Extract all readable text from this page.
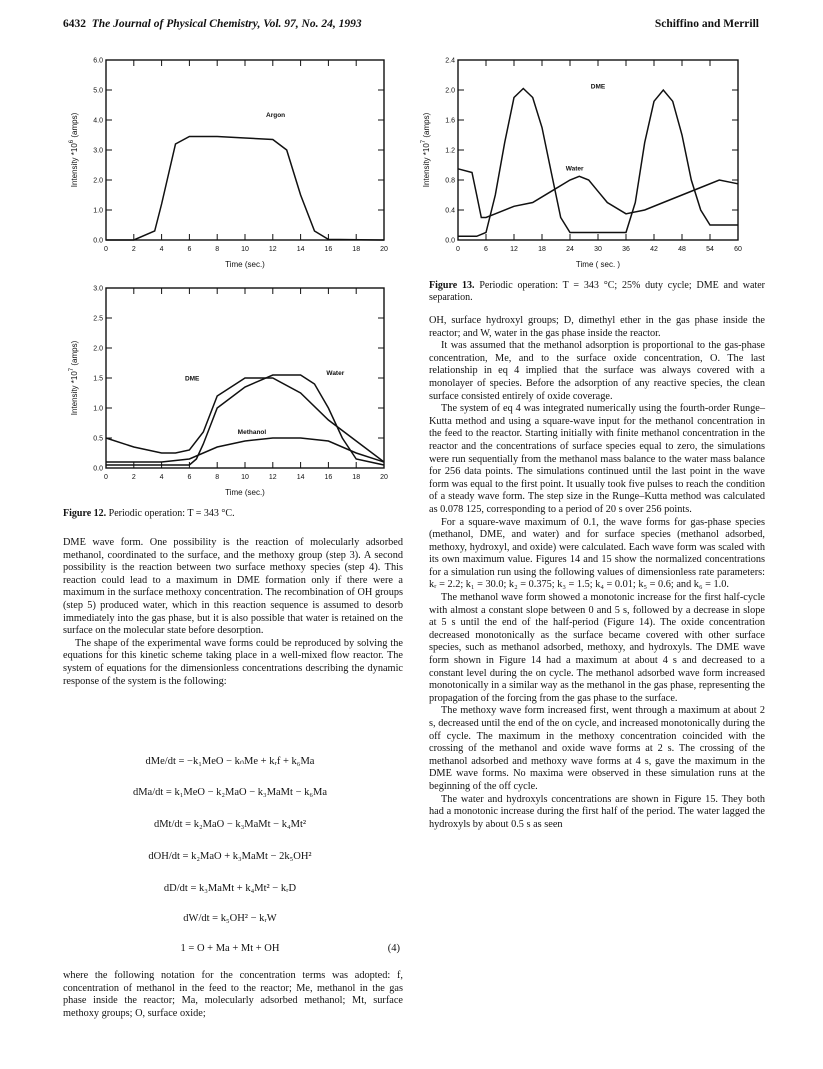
6432 The Journal of Physical Chemistry, Vol. 97, No. 24, 1993	Schiffino and Merrill
0	2	4	6	8	10	12	14	16	18	20
0.0
1.0
2.0
3.0
4.0
5.0
6.0
Time (sec.)
Intensity $*10^6$ (amps)	Argon
0	2	4	6	8	10	12	14	16	18	20
0.0
0.5
1.0
1.5
2.0
2.5
3.0
Time (sec.)
Intensity $*10^7$ (amps)
DME
Water
Methanol
0	6	12	18	24	30	36	42	48	54	60
0.0
0.4
0.8
1.2
1.6
2.0
2.4
Time ( sec. )
Intensity $*10^7$ (amps)
DME
Water
Figure 12. Periodic operation: T = 343 °C.
Figure 13. Periodic operation: T = 343 °C; 25% duty cycle; DME and water separation.

DME wave form. One possibility is the reaction of molecularly adsorbed methanol, coordinated to the surface, and the methoxy group (step 3). A second possibility is the reaction between two surface methoxy species (step 4). This reaction could lead to a maximum in DME formation only if there were a maximum in the surface methoxy concentration. The recombination of OH groups (step 5) produced water, which in this reaction sequence is assumed to desorb immediately into the gas phase, but it is also possible that water is retained on the surface on the molecular state before desorption.

The shape of the experimental wave forms could be reproduced by solving the equations for this kinetic scheme taking place in a well-mixed flow reactor. The system of equations for the dimensionless concentrations describing the dynamic response of the system is the following:

dMe/dt = −k₁MeO − kₙMe + kᵣf + k₆Ma
dMa/dt = k₁MeO − k₂MaO − k₃MaMt − k₆Ma
dMt/dt = k₂MaO − k₃MaMt − k₄Mt²
dOH/dt = k₂MaO + k₃MaMt − 2k₅OH²
dD/dt = k₃MaMt + k₄Mt² − kᵣD
dW/dt = k₅OH² − kᵣW
1 = O + Ma + Mt + OH	(4)

where the following notation for the concentration terms was adopted: f, concentration of methanol in the feed to the reactor; Me, methanol in the gas phase inside the reactor; Ma, molecularly adsorbed methanol; Mt, surface methoxy groups; O, surface oxide;

OH, surface hydroxyl groups; D, dimethyl ether in the gas phase inside the reactor; and W, water in the gas phase inside the reactor.

It was assumed that the methanol adsorption is proportional to the gas-phase concentration, Me, and to the surface oxide concentration, O. The last relationship in eq 4 implied that the surface was always covered with a monolayer of species. Before the adsorption of any reactive species, the clean surface consisted entirely of oxide coverage.

The system of eq 4 was integrated numerically using the fourth-order Runge–Kutta method and using a square-wave input for the methanol concentration in the feed to the reactor. Starting initially with finite methanol concentration in the reactor and the concentrations of surface species equal to zero, the simulations were run sequentially from the methanol mass balance to the water mass balance for 256 data points. The simulations continued until the last point in the wave form was equal to the first point. It usually took five pulses to reach the condition of a steady wave form. The step size in the Runge–Kutta method was calculated as 0.078 125, corresponding to a period of 20 s over 256 points.

For a square-wave maximum of 0.1, the wave forms for gas-phase species (methanol, DME, and water) and for surface species (methanol adsorbed, methoxy, hydroxyl, and oxide) were calculated. Each wave form was scaled with its own maximum value. Figures 14 and 15 show the normalized concentrations for a simulation run using the following values of dimensionless rate parameters: kᵣ = 2.2; k₁ = 30.0; k₂ = 0.375; k₃ = 1.5; k₄ = 0.01; k₅ = 0.6; and k₆ = 1.0.

The methanol wave form showed a monotonic increase for the first half-cycle with almost a constant slope between 0 and 5 s, followed by a decrease in slope at 5 s until the end of the half-period (Figure 14). The oxide concentration decreased monotonically as the surface became covered with other surface species, such as methanol adsorbed, methoxy, and hydroxyls. The DME wave form shown in Figure 14 had a maximum at about 4 s and decreased to a constant level during the on cycle. The methanol adsorbed wave form increased monotonically in a similar way as the methanol in the gas phase, representing the propagation of the forcing from the gas phase to the surface.

The methoxy wave form increased first, went through a maximum at about 2 s, decreased until the end of the on cycle, and increased monotonically during the off cycle. The maximum in the methoxy concentration coincided with the crossing of the methanol and oxide wave forms at 2 s. The crossing of the methanol adsorbed and methoxy wave forms at 4 s, gave the maximum in the DME wave forms. No maxima were observed in these simulation runs at the beginning of the off cycle.

The water and hydroxyls concentrations are shown in Figure 15. They both had a monotonic increase during the first half of the period. The water lagged the hydroxyls by about 0.5 s as seen
